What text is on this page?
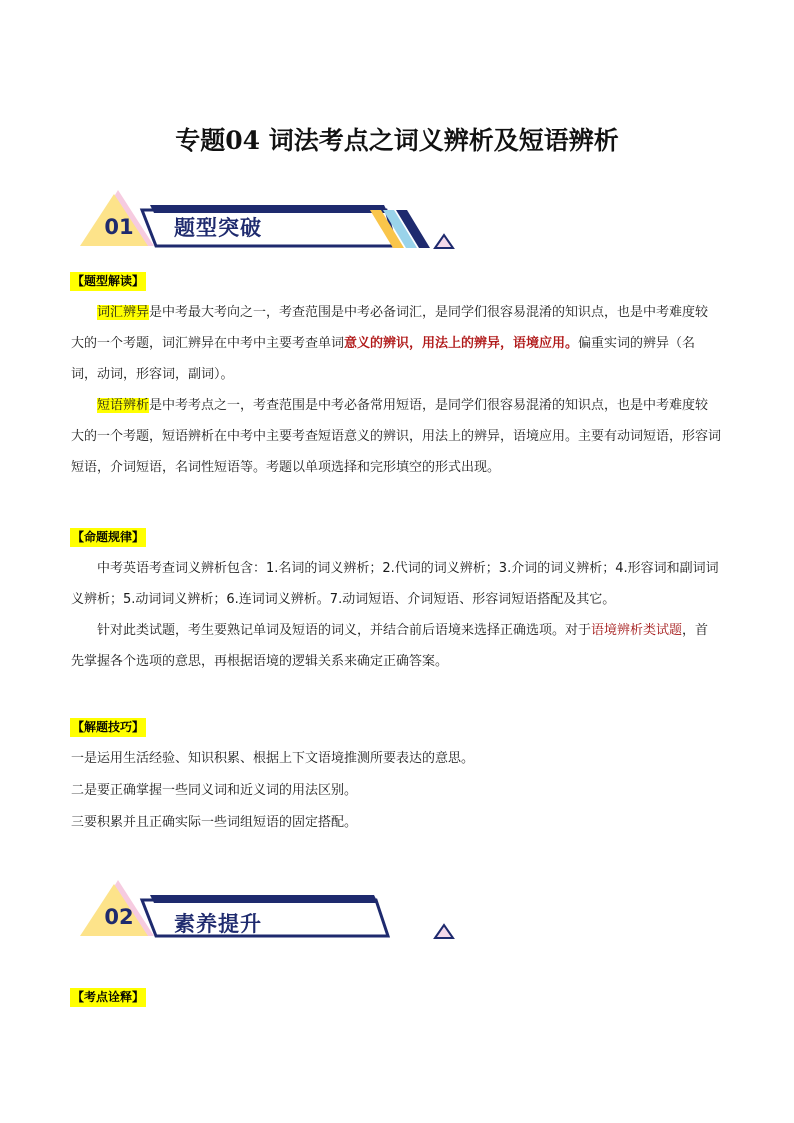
专题04 词法考点之词义辨析及短语辨析
01	题型突破
【题型解读】

词汇辨异是中考最大考向之一，考查范围是中考必备词汇，是同学们很容易混淆的知识点，也是中考难度较大的一个考题，词汇辨异在中考中主要考查单词意义的辨识，用法上的辨异，语境应用。偏重实词的辨异（名词，动词，形容词，副词）。

短语辨析是中考考点之一，考查范围是中考必备常用短语，是同学们很容易混淆的知识点，也是中考难度较大的一个考题，短语辨析在中考中主要考查短语意义的辨识，用法上的辨异，语境应用。主要有动词短语，形容词短语，介词短语，名词性短语等。考题以单项选择和完形填空的形式出现。

【命题规律】

中考英语考查词义辨析包含：1.名词的词义辨析；2.代词的词义辨析；3.介词的词义辨析；4.形容词和副词词义辨析；5.动词词义辨析；6.连词词义辨析。7.动词短语、介词短语、形容词短语搭配及其它。

针对此类试题，考生要熟记单词及短语的词义，并结合前后语境来选择正确选项。对于语境辨析类试题，首先掌握各个选项的意思，再根据语境的逻辑关系来确定正确答案。

【解题技巧】

一是运用生活经验、知识积累、根据上下文语境推测所要表达的意思。

二是要正确掌握一些同义词和近义词的用法区别。

三要积累并且正确实际一些词组短语的固定搭配。

02	素养提升
【考点诠释】
